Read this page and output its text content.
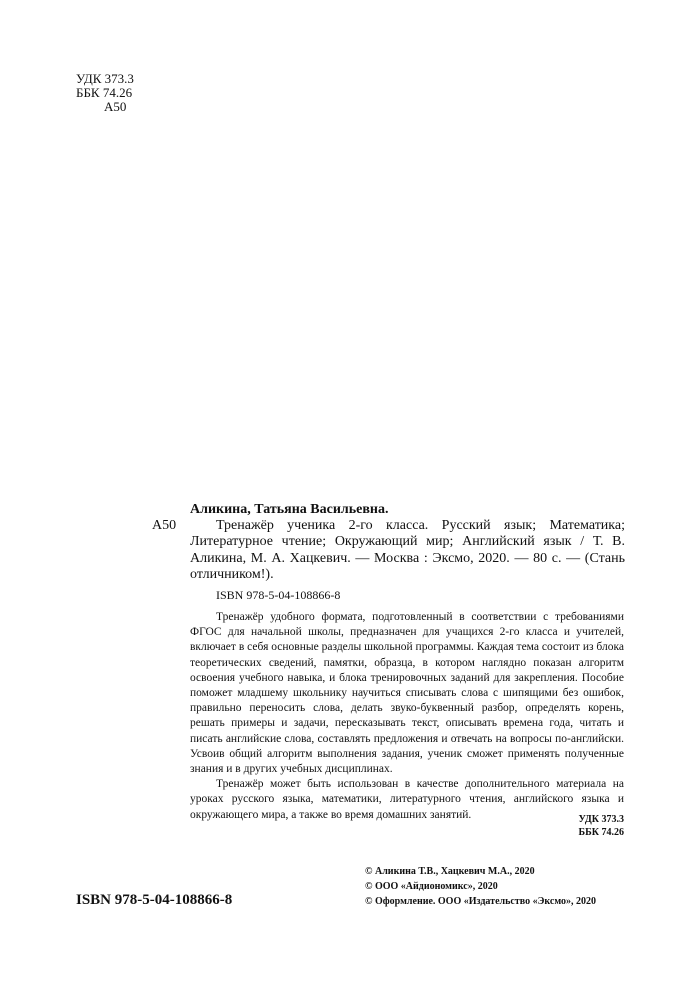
УДК 373.3
ББК 74.26
А50
Аликина, Татьяна Васильевна.
А50	Тренажёр ученика 2-го класса. Русский язык; Математика; Литературное чтение; Окружающий мир; Английский язык / Т. В. Аликина, М. А. Хацкевич. — Москва : Эксмо, 2020. — 80 с. — (Стань отличником!).

ISBN 978-5-04-108866-8

Тренажёр удобного формата, подготовленный в соответствии с требованиями ФГОС для начальной школы, предназначен для учащихся 2-го класса и учителей, включает в себя основные разделы школьной программы. Каждая тема состоит из блока теоретических сведений, памятки, образца, в котором наглядно показан алгоритм освоения учебного навыка, и блока тренировочных заданий для закрепления. Пособие поможет младшему школьнику научиться списывать слова с шипящими без ошибок, правильно переносить слова, делать звуко-буквенный разбор, определять корень, решать примеры и задачи, пересказывать текст, описывать времена года, читать и писать английские слова, составлять предложения и отвечать на вопросы по-английски. Усвоив общий алгоритм выполнения задания, ученик сможет применять полученные знания и в других учебных дисциплинах.

Тренажёр может быть использован в качестве дополнительного материала на уроках русского языка, математики, литературного чтения, английского языка и окружающего мира, а также во время домашних занятий.	УДК 373.3
ББК 74.26
© Аликина Т.В., Хацкевич М.А., 2020
© ООО «Айдиономикс», 2020
© Оформление. ООО «Издательство «Эксмо», 2020
ISBN 978-5-04-108866-8
